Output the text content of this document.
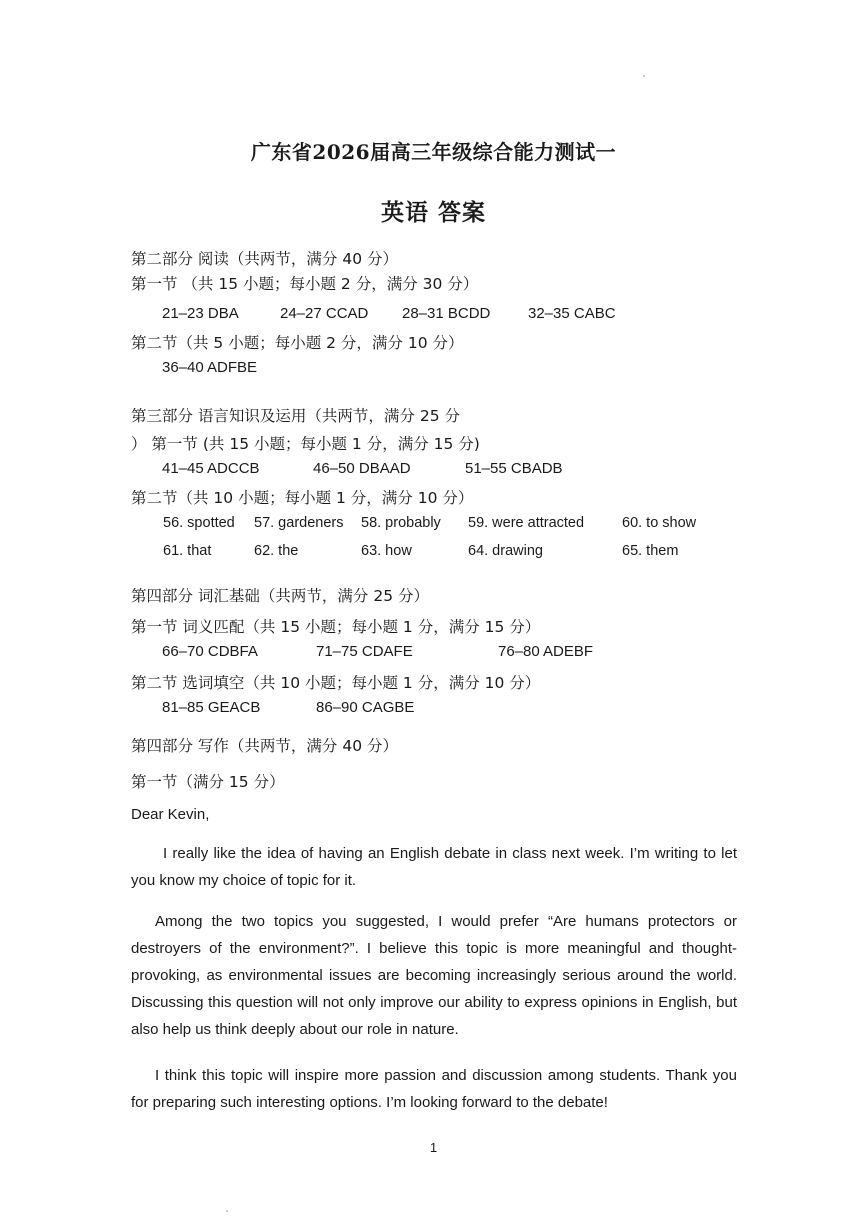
广东省2026届高三年级综合能力测试一
英语 答案
第二部分 阅读（共两节，满分 40 分）
第一节 （共 15 小题；每小题 2 分，满分 30 分）
21–23 DBA	24–27 CCAD 28–31 BCDD	32–35 CABC
第二节（共 5 小题；每小题 2 分，满分 10 分）
36–40 ADFBE
第三部分 语言知识及运用（共两节，满分 25 分
） 第一节 (共 15 小题；每小题 1 分，满分 15 分)
41–45 ADCCB	46–50 DBAAD	51–55 CBADB
第二节（共 10 小题；每小题 1 分，满分 10 分）
56. spotted 57. gardeners 58. probably 59. were attracted	60. to show
61. that	62. the	63. how	64. drawing	65. them
第四部分 词汇基础（共两节，满分 25 分）
第一节 词义匹配（共 15 小题；每小题 1 分，满分 15 分）
66–70 CDBFA	71–75 CDAFE	76–80 ADEBF
第二节 选词填空（共 10 小题；每小题 1 分，满分 10 分）
81–85 GEACB	86–90 CAGBE
第四部分 写作（共两节，满分 40 分）
第一节（满分 15 分）
Dear Kevin,
I really like the idea of having an English debate in class next week. I’m writing to let you know my choice of topic for it.
Among the two topics you suggested, I would prefer “Are humans protectors or destroyers of the environment?”. I believe this topic is more meaningful and thought-provoking, as environmental issues are becoming increasingly serious around the world. Discussing this question will not only improve our ability to express opinions in English, but also help us think deeply about our role in nature.
I think this topic will inspire more passion and discussion among students. Thank you for preparing such interesting options. I’m looking forward to the debate!
1
